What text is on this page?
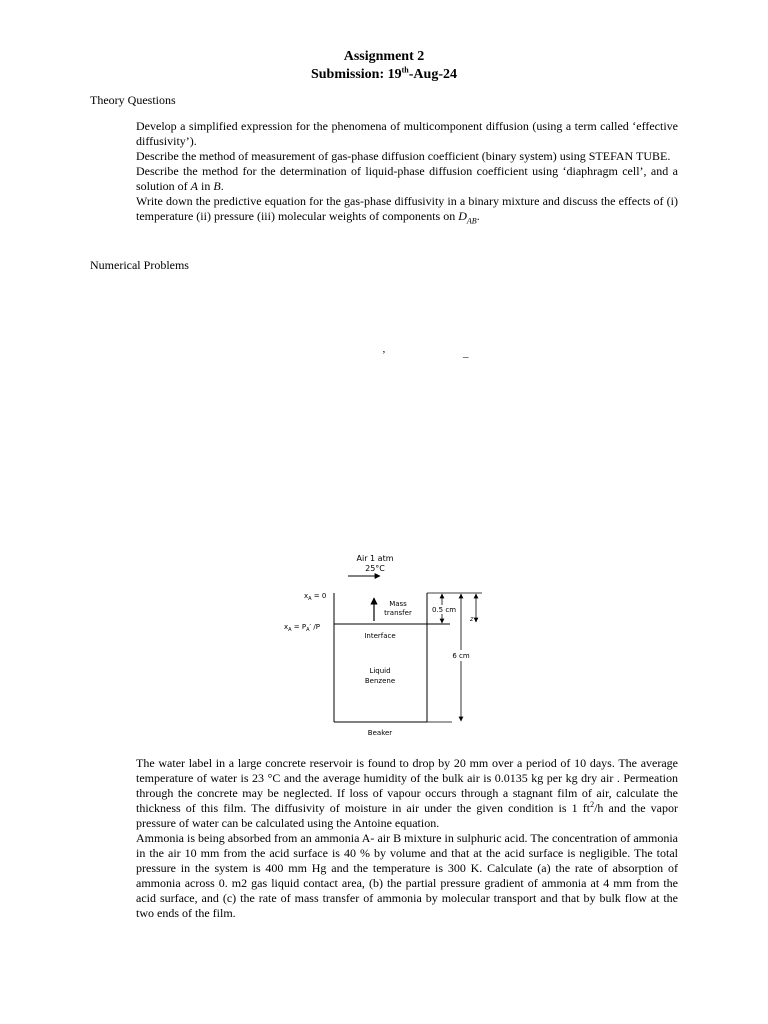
Assignment 2
Submission: 19th-Aug-24
Theory Questions

Develop a simplified expression for the phenomena of multicomponent diffusion (using a term called ‘effective diffusivity’).

Describe the method of measurement of gas-phase diffusion coefficient (binary system) using STEFAN TUBE.

Describe the method for the determination of liquid-phase diffusion coefficient using ‘diaphragm cell’, and a solution of A in B.

Write down the predictive equation for the gas-phase diffusivity in a binary mixture and discuss the effects of (i) temperature (ii) pressure (iii) molecular weights of components on $D_{AB}$.

Numerical Problems
’	–
Air 1 atm
25°C
$x_A = 0$
$x_A = P_A'$ /P
Mass
transfer	0.5 cm
z
6 cm
Interface
Liquid
Benzene
Beaker

The water label in a large concrete reservoir is found to drop by 20 mm over a period of 10 days. The average temperature of water is 23 °C and the average humidity of the bulk air is 0.0135 kg per kg dry air . Permeation through the concrete may be neglected. If loss of vapour occurs through a stagnant film of air, calculate the thickness of this film. The diffusivity of moisture in air under the given condition is 1 $ft^2/h$ and the vapor pressure of water can be calculated using the Antoine equation.

Ammonia is being absorbed from an ammonia A- air B mixture in sulphuric acid. The concentration of ammonia in the air 10 mm from the acid surface is 40 % by volume and that at the acid surface is negligible. The total pressure in the system is 400 mm Hg and the temperature is 300 K. Calculate (a) the rate of absorption of ammonia across 0. m2 gas liquid contact area, (b) the partial pressure gradient of ammonia at 4 mm from the acid surface, and (c) the rate of mass transfer of ammonia by molecular transport and that by bulk flow at the two ends of the film.
